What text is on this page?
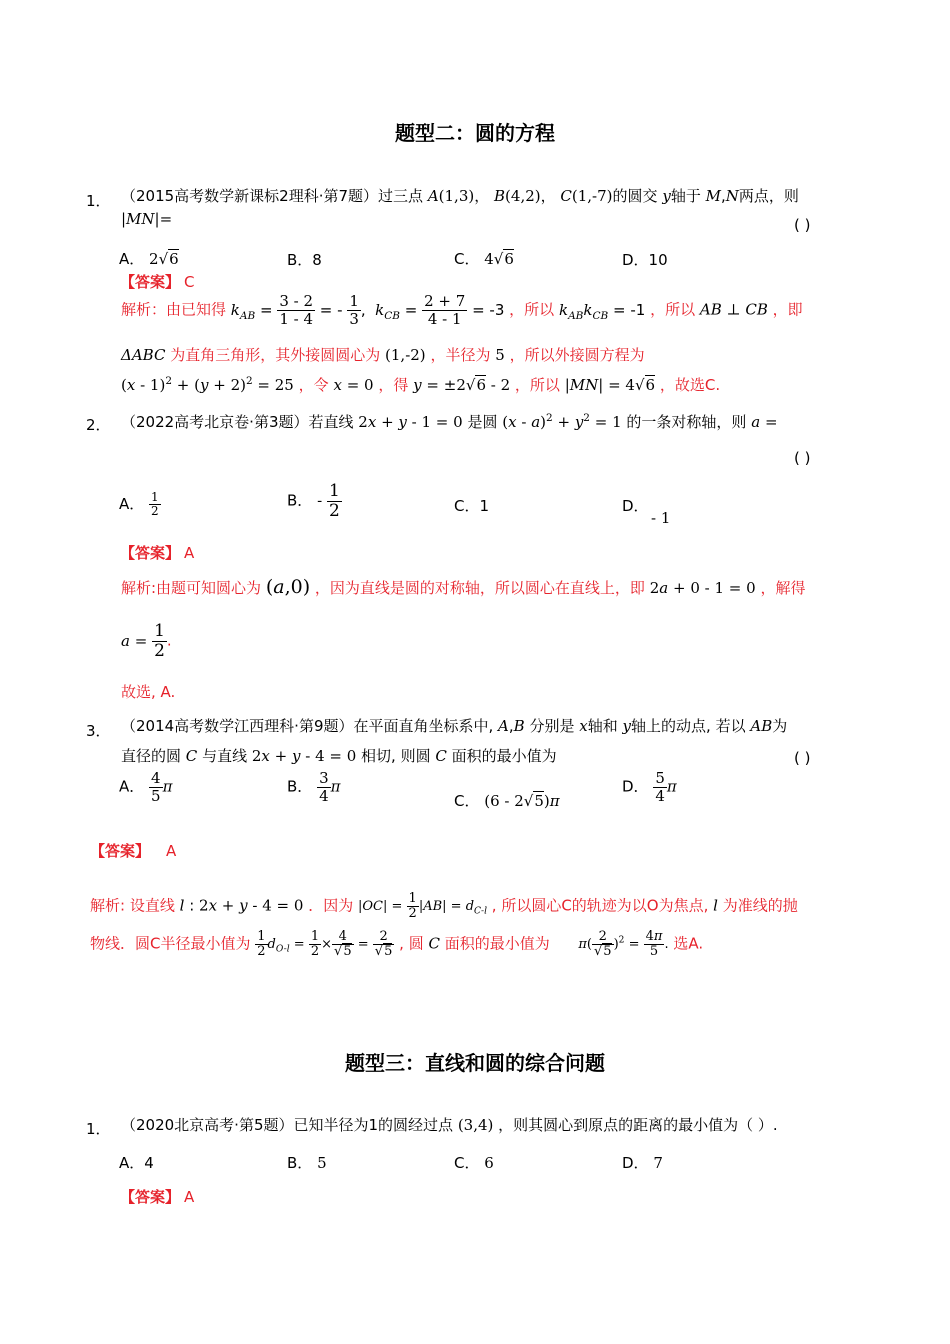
题型二：圆的方程
1． （2015高考数学新课标2理科·第7题）过三点 A(1,3)， B(4,2)， C(1,-7)的圆交 y轴于 M,N两点，则
|MN|=	( )
A． 2√6	B．8	C． 4√6	D．10
【答案】 C
解析：由已知得 $k_{AB} = \frac{3 - 2}{1 - 4}$ = - $\frac{1}{3}$ ,  $k_{CB} = \frac{2 + 7}{4 - 1} = -3$ ，所以 $k_{AB}k_{CB} = -1$ ，所以 AB ⊥ CB ，即
ΔABC 为直角三角形，其外接圆圆心为 (1,-2) ，半径为 5 ，所以外接圆方程为
$(x - 1)^2 + (y + 2)^2 = 25$ ，令 x = 0 ，得 y = ±2√6 - 2 ，所以 |MN| = 4√6 ，故选C.
2． （2022高考北京卷·第3题）若直线 2x + y - 1 = 0 是圆 $(x - a)^2 + y^2 = 1$ 的一条对称轴，则 a =
( )
A． $\frac{1}{2}$	B． - $\frac{1}{2}$	C．1	D．
- 1
【答案】 A
解析:由题可知圆心为 (a,0) ，因为直线是圆的对称轴，所以圆心在直线上，即 2a + 0 - 1 = 0 ，解得
$a = \frac{1}{2}$ .
故选, A.
3． （2014高考数学江西理科·第9题）在平面直角坐标系中, A,B 分别是 x轴和 y轴上的动点, 若以 AB为
直径的圆 C 与直线 2x + y - 4 = 0 相切, 则圆 C 面积的最小值为	( )
A． $\frac{4}{5}$ π	B． $\frac{3}{4}$ π
C． (6 - 2√5)π
D． $\frac{5}{4}$ π
【答案】 A
解析: 设直线 l : 2x + y - 4 = 0 ．因为 $|OC| = \frac{1}{2} |AB| = d_{C-l}$ , 所以圆心C的轨迹为以O为焦点, l 为准线的抛
物线．圆C半径最小值为 $\frac{1}{2} d_{O-l} = \frac{1}{2} \times \frac{4}{√5} = \frac{2}{√5}$ , 圆 C 面积的最小值为 $\pi( \frac{2}{√5} )^2 = \frac{4\pi}{5}$ . 选A.
题型三：直线和圆的综合问题
1． （2020北京高考·第5题）已知半径为1的圆经过点 (3,4) ，则其圆心到原点的距离的最小值为（ ）.
A．4	B． 5	C． 6	D． 7
【答案】 A
